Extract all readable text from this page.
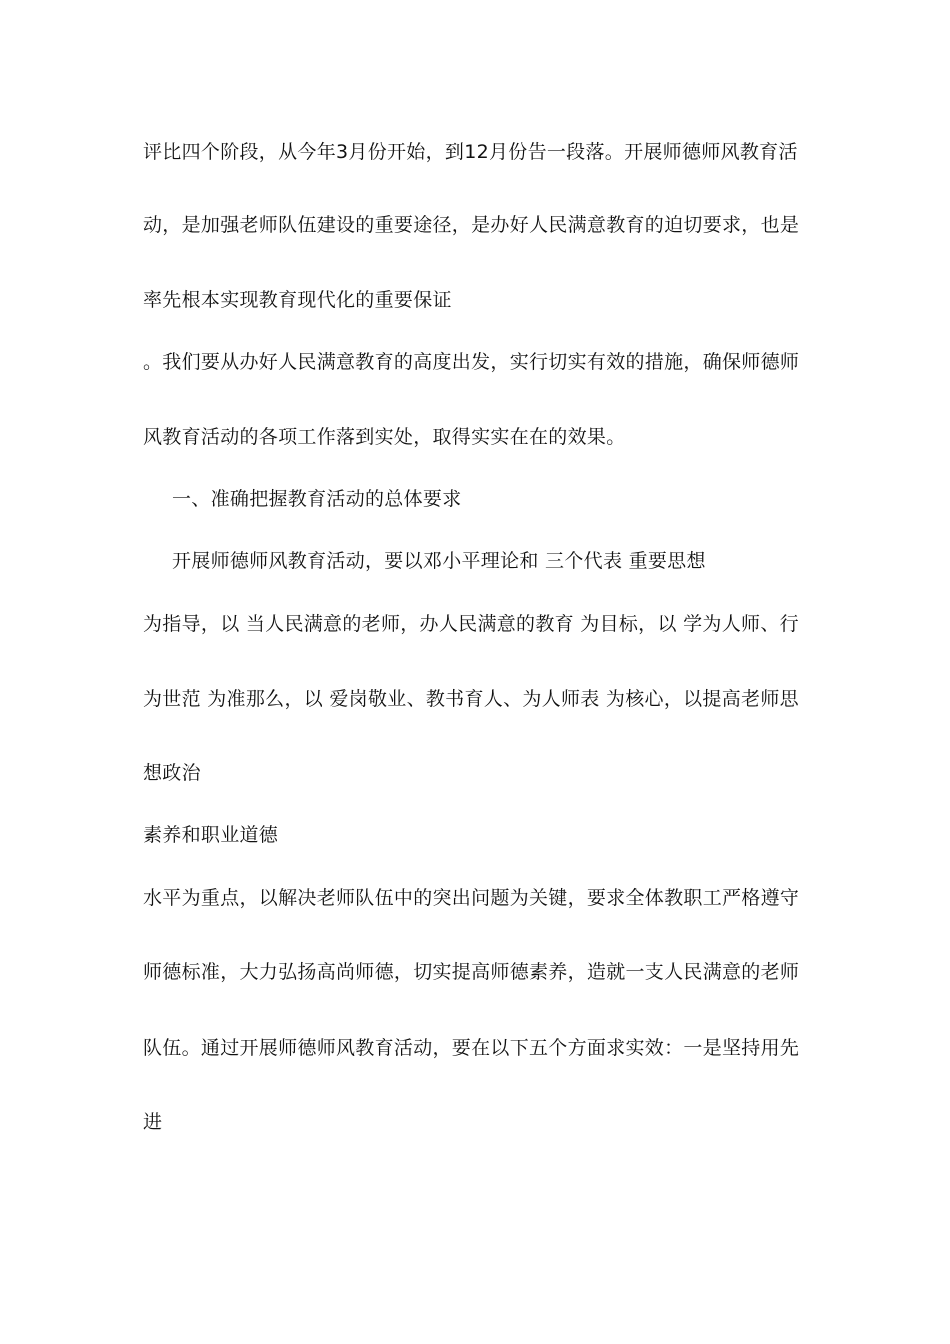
评比四个阶段，从今年3月份开始，到12月份告一段落。开展师德师风教育活

动，是加强老师队伍建设的重要途径，是办好人民满意教育的迫切要求，也是

率先根本实现教育现代化的重要保证

。我们要从办好人民满意教育的高度出发，实行切实有效的措施，确保师德师

风教育活动的各项工作落到实处，取得实实在在的效果。

一、准确把握教育活动的总体要求

开展师德师风教育活动，要以邓小平理论和 三个代表 重要思想

为指导，以 当人民满意的老师，办人民满意的教育 为目标，以 学为人师、行

为世范 为准那么，以 爱岗敬业、教书育人、为人师表 为核心，以提高老师思

想政治

素养和职业道德

水平为重点，以解决老师队伍中的突出问题为关键，要求全体教职工严格遵守

师德标准，大力弘扬高尚师德，切实提高师德素养，造就一支人民满意的老师

队伍。通过开展师德师风教育活动，要在以下五个方面求实效：一是坚持用先

进
